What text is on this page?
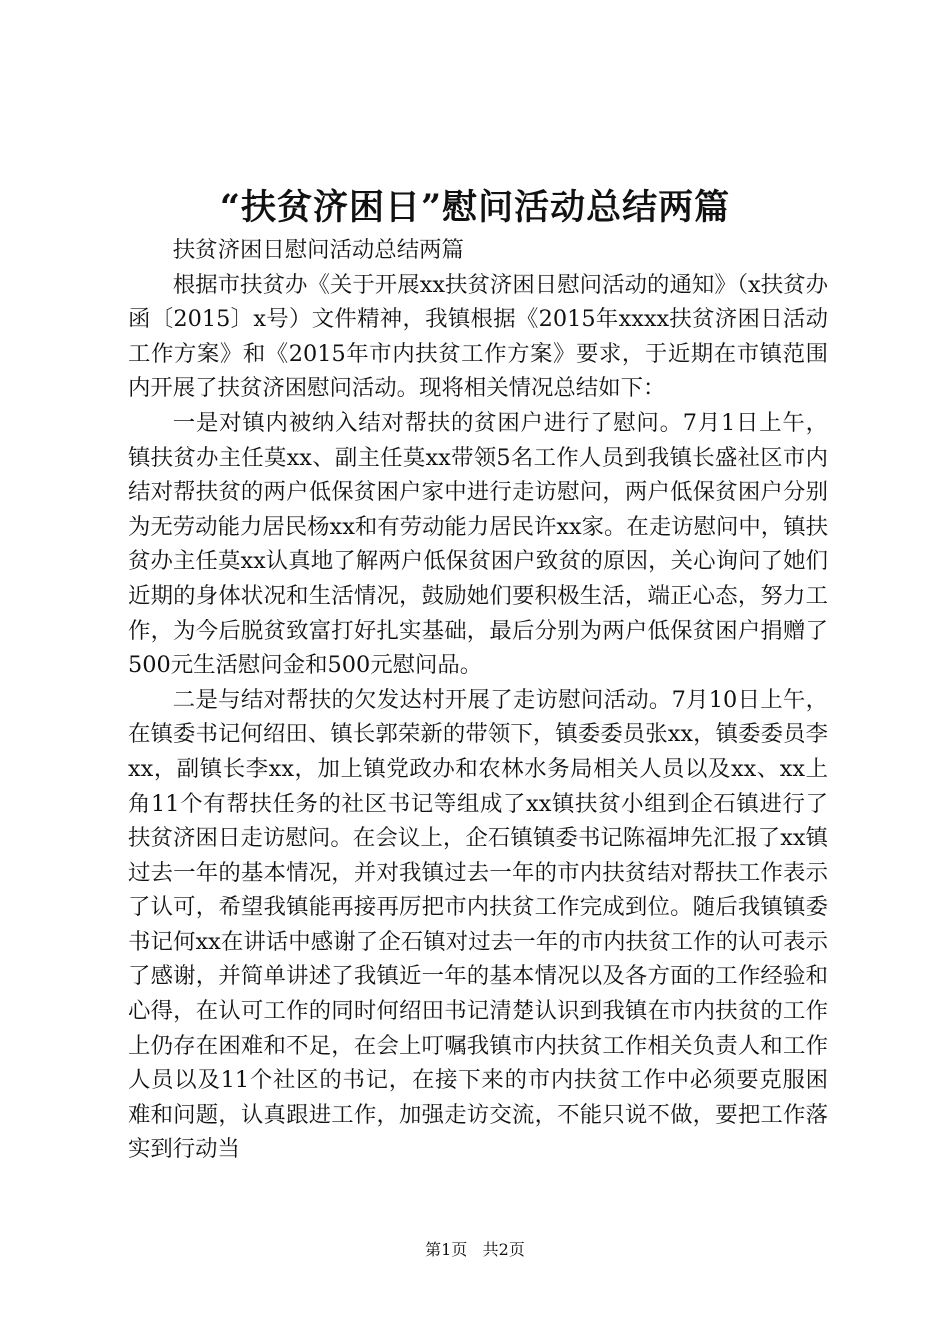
“扶贫济困日”慰问活动总结两篇

扶贫济困日慰问活动总结两篇

根据市扶贫办《关于开展xx扶贫济困日慰问活动的通知》（x扶贫办函〔2015〕x号）文件精神，我镇根据《2015年xxxx扶贫济困日活动工作方案》和《2015年市内扶贫工作方案》要求，于近期在市镇范围内开展了扶贫济困慰问活动。现将相关情况总结如下：

一是对镇内被纳入结对帮扶的贫困户进行了慰问。7月1日上午，镇扶贫办主任莫xx、副主任莫xx带领5名工作人员到我镇长盛社区市内结对帮扶贫的两户低保贫困户家中进行走访慰问，两户低保贫困户分别为无劳动能力居民杨xx和有劳动能力居民许xx家。在走访慰问中，镇扶贫办主任莫xx认真地了解两户低保贫困户致贫的原因，关心询问了她们近期的身体状况和生活情况，鼓励她们要积极生活，端正心态，努力工作，为今后脱贫致富打好扎实基础，最后分别为两户低保贫困户捐赠了500元生活慰问金和500元慰问品。

二是与结对帮扶的欠发达村开展了走访慰问活动。7月10日上午，在镇委书记何绍田、镇长郭荣新的带领下，镇委委员张xx，镇委委员李xx，副镇长李xx，加上镇党政办和农林水务局相关人员以及xx、xx上角11个有帮扶任务的社区书记等组成了xx镇扶贫小组到企石镇进行了扶贫济困日走访慰问。在会议上，企石镇镇委书记陈福坤先汇报了xx镇过去一年的基本情况，并对我镇过去一年的市内扶贫结对帮扶工作表示了认可，希望我镇能再接再厉把市内扶贫工作完成到位。随后我镇镇委书记何xx在讲话中感谢了企石镇对过去一年的市内扶贫工作的认可表示了感谢，并简单讲述了我镇近一年的基本情况以及各方面的工作经验和心得，在认可工作的同时何绍田书记清楚认识到我镇在市内扶贫的工作上仍存在困难和不足，在会上叮嘱我镇市内扶贫工作相关负责人和工作人员以及11个社区的书记，在接下来的市内扶贫工作中必须要克服困难和问题，认真跟进工作，加强走访交流，不能只说不做，要把工作落实到行动当

第1页 共2页
